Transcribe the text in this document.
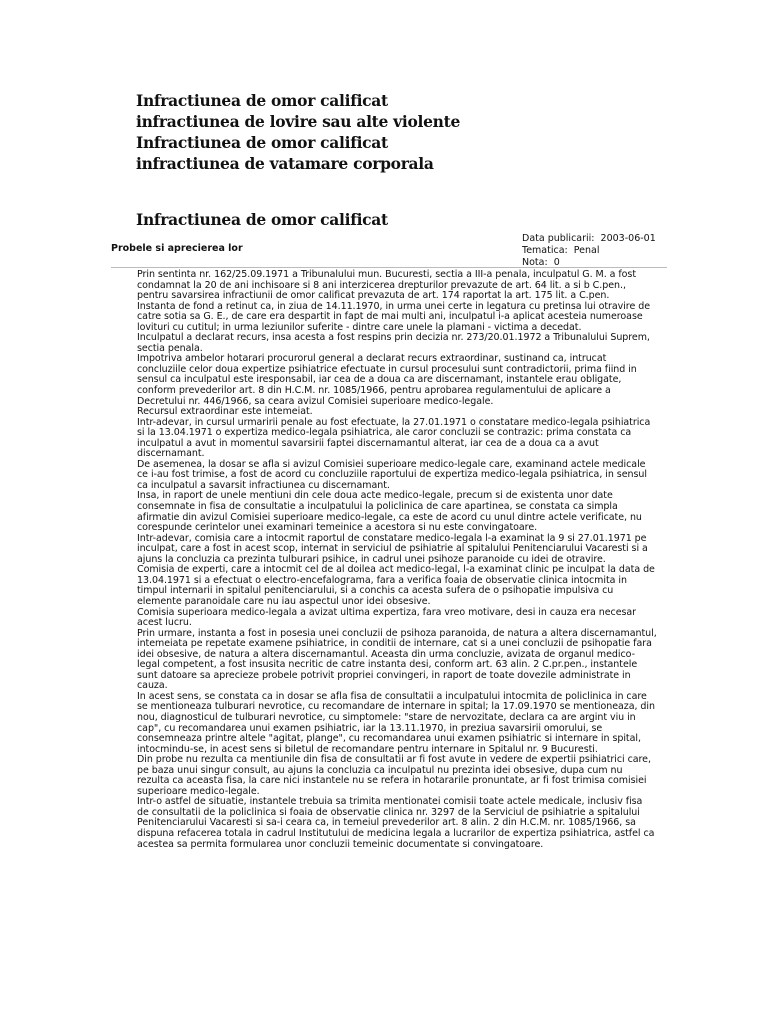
Infractiunea de omor calificat
infractiunea de lovire sau alte violente
Infractiunea de omor calificat
infractiunea de vatamare corporala
Infractiunea de omor calificat
Probele si aprecierea lor
Data publicarii: 2003-06-01
Tematica: Penal
Nota: 0

Prin sentinta nr. 162/25.09.1971 a Tribunalului mun. Bucuresti, sectia a III-a penala, inculpatul G. M. a fost condamnat la 20 de ani inchisoare si 8 ani interzicerea drepturilor prevazute de art. 64 lit. a si b C.pen., pentru savarsirea infractiunii de omor calificat prevazuta de art. 174 raportat la art. 175 lit. a C.pen.

Instanta de fond a retinut ca, in ziua de 14.11.1970, in urma unei certe in legatura cu pretinsa lui otravire de catre sotia sa G. E., de care era despartit in fapt de mai multi ani, inculpatul i-a aplicat acesteia numeroase lovituri cu cutitul; in urma leziunilor suferite - dintre care unele la plamani - victima a decedat.

Inculpatul a declarat recurs, insa acesta a fost respins prin decizia nr. 273/20.01.1972 a Tribunalului Suprem, sectia penala.

Impotriva ambelor hotarari procurorul general a declarat recurs extraordinar, sustinand ca, intrucat concluziile celor doua expertize psihiatrice efectuate in cursul procesului sunt contradictorii, prima fiind in sensul ca inculpatul este iresponsabil, iar cea de a doua ca are discernamant, instantele erau obligate, conform prevederilor art. 8 din H.C.M. nr. 1085/1966, pentru aprobarea regulamentului de aplicare a Decretului nr. 446/1966, sa ceara avizul Comisiei superioare medico-legale.

Recursul extraordinar este intemeiat.

Intr-adevar, in cursul urmaririi penale au fost efectuate, la 27.01.1971 o constatare medico-legala psihiatrica si la 13.04.1971 o expertiza medico-legala psihiatrica, ale caror concluzii se contrazic: prima constata ca inculpatul a avut in momentul savarsirii faptei discernamantul alterat, iar cea de a doua ca a avut discernamant.

De asemenea, la dosar se afla si avizul Comisiei superioare medico-legale care, examinand actele medicale ce i-au fost trimise, a fost de acord cu concluziile raportului de expertiza medico-legala psihiatrica, in sensul ca inculpatul a savarsit infractiunea cu discernamant.

Insa, in raport de unele mentiuni din cele doua acte medico-legale, precum si de existenta unor date consemnate in fisa de consultatie a inculpatului la policlinica de care apartinea, se constata ca simpla afirmatie din avizul Comisiei superioare medico-legale, ca este de acord cu unul dintre actele verificate, nu corespunde cerintelor unei examinari temeinice a acestora si nu este convingatoare.

Intr-adevar, comisia care a intocmit raportul de constatare medico-legala l-a examinat la 9 si 27.01.1971 pe inculpat, care a fost in acest scop, internat in serviciul de psihiatrie al spitalului Penitenciarului Vacaresti si a ajuns la concluzia ca prezinta tulburari psihice, in cadrul unei psihoze paranoide cu idei de otravire.

Comisia de experti, care a intocmit cel de al doilea act medico-legal, l-a examinat clinic pe inculpat la data de 13.04.1971 si a efectuat o electro-encefalograma, fara a verifica foaia de observatie clinica intocmita in timpul internarii in spitalul penitenciarului, si a conchis ca acesta sufera de o psihopatie impulsiva cu elemente paranoidale care nu iau aspectul unor idei obsesive.

Comisia superioara medico-legala a avizat ultima expertiza, fara vreo motivare, desi in cauza era necesar acest lucru.

Prin urmare, instanta a fost in posesia unei concluzii de psihoza paranoida, de natura a altera discernamantul, intemeiata pe repetate examene psihiatrice, in conditii de internare, cat si a unei concluzii de psihopatie fara idei obsesive, de natura a altera discernamantul. Aceasta din urma concluzie, avizata de organul medico-legal competent, a fost insusita necritic de catre instanta desi, conform art. 63 alin. 2 C.pr.pen., instantele sunt datoare sa aprecieze probele potrivit propriei convingeri, in raport de toate dovezile administrate in cauza.

In acest sens, se constata ca in dosar se afla fisa de consultatii a inculpatului intocmita de policlinica in care se mentioneaza tulburari nevrotice, cu recomandare de internare in spital; la 17.09.1970 se mentioneaza, din nou, diagnosticul de tulburari nevrotice, cu simptomele: "stare de nervozitate, declara ca are argint viu in cap", cu recomandarea unui examen psihiatric, iar la 13.11.1970, in preziua savarsirii omorului, se consemneaza printre altele "agitat, plange", cu recomandarea unui examen psihiatric si internare in spital, intocmindu-se, in acest sens si biletul de recomandare pentru internare in Spitalul nr. 9 Bucuresti.

Din probe nu rezulta ca mentiunile din fisa de consultatii ar fi fost avute in vedere de expertii psihiatrici care, pe baza unui singur consult, au ajuns la concluzia ca inculpatul nu prezinta idei obsesive, dupa cum nu rezulta ca aceasta fisa, la care nici instantele nu se refera in hotararile pronuntate, ar fi fost trimisa comisiei superioare medico-legale.

Intr-o astfel de situatie, instantele trebuia sa trimita mentionatei comisii toate actele medicale, inclusiv fisa de consultatii de la policlinica si foaia de observatie clinica nr. 3297 de la Serviciul de psihiatrie a spitalului Penitenciarului Vacaresti si sa-i ceara ca, in temeiul prevederilor art. 8 alin. 2 din H.C.M. nr. 1085/1966, sa dispuna refacerea totala in cadrul Institutului de medicina legala a lucrarilor de expertiza psihiatrica, astfel ca acestea sa permita formularea unor concluzii temeinic documentate si convingatoare.
